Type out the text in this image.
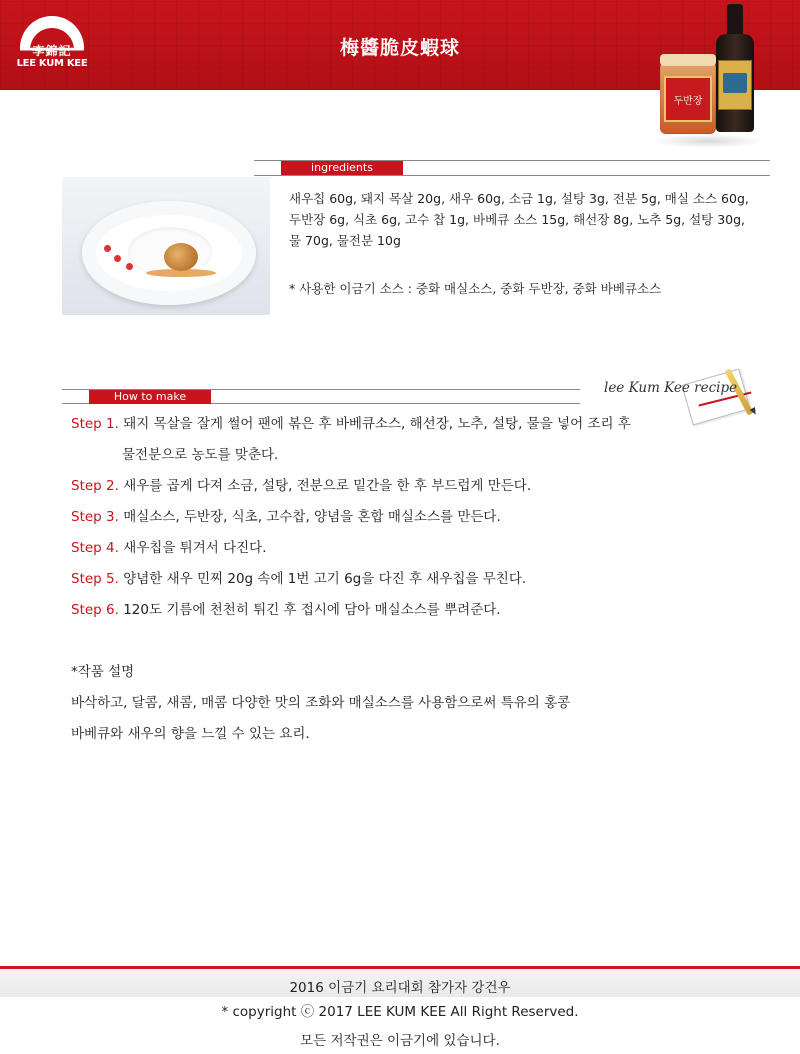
李錦記
LEE KUM KEE
梅醬脆皮蝦球
두반장
ingredients
새우칩 60g, 돼지 목살 20g, 새우 60g, 소금 1g, 설탕 3g, 전분 5g, 매실 소스 60g, 두반장 6g, 식초 6g, 고수 찹 1g, 바베큐 소스 15g, 해선장 8g, 노추 5g, 설탕 30g, 물 70g, 물전분 10g
* 사용한 이금기 소스 : 중화 매실소스, 중화 두반장, 중화 바베큐소스
How to make
lee Kum Kee recipe
Step 1. 돼지 목살을 잘게 썰어 팬에 볶은 후 바베큐소스, 해선장, 노추, 설탕, 물을 넣어 조리 후
물전분으로 농도를 맞춘다.
Step 2. 새우를 곱게 다져 소금, 설탕, 전분으로 밑간을 한 후 부드럽게 만든다.
Step 3. 매실소스, 두반장, 식초, 고수찹, 양념을 혼합 매실소스를 만든다.
Step 4. 새우칩을 튀겨서 다진다.
Step 5. 양념한 새우 민찌 20g 속에 1번 고기 6g을 다진 후 새우칩을 무친다.
Step 6. 120도 기름에 천천히 튀긴 후 접시에 담아 매실소스를 뿌려준다.
*작품 설명
바삭하고, 달콤, 새콤, 매콤 다양한 맛의 조화와 매실소스를 사용함으로써 특유의 홍콩
바베큐와 새우의 향을 느낄 수 있는 요리.
2016 이금기 요리대회 참가자 강건우
* copyright ⓒ 2017 LEE KUM KEE All Right Reserved.
모든 저작권은 이금기에 있습니다.
